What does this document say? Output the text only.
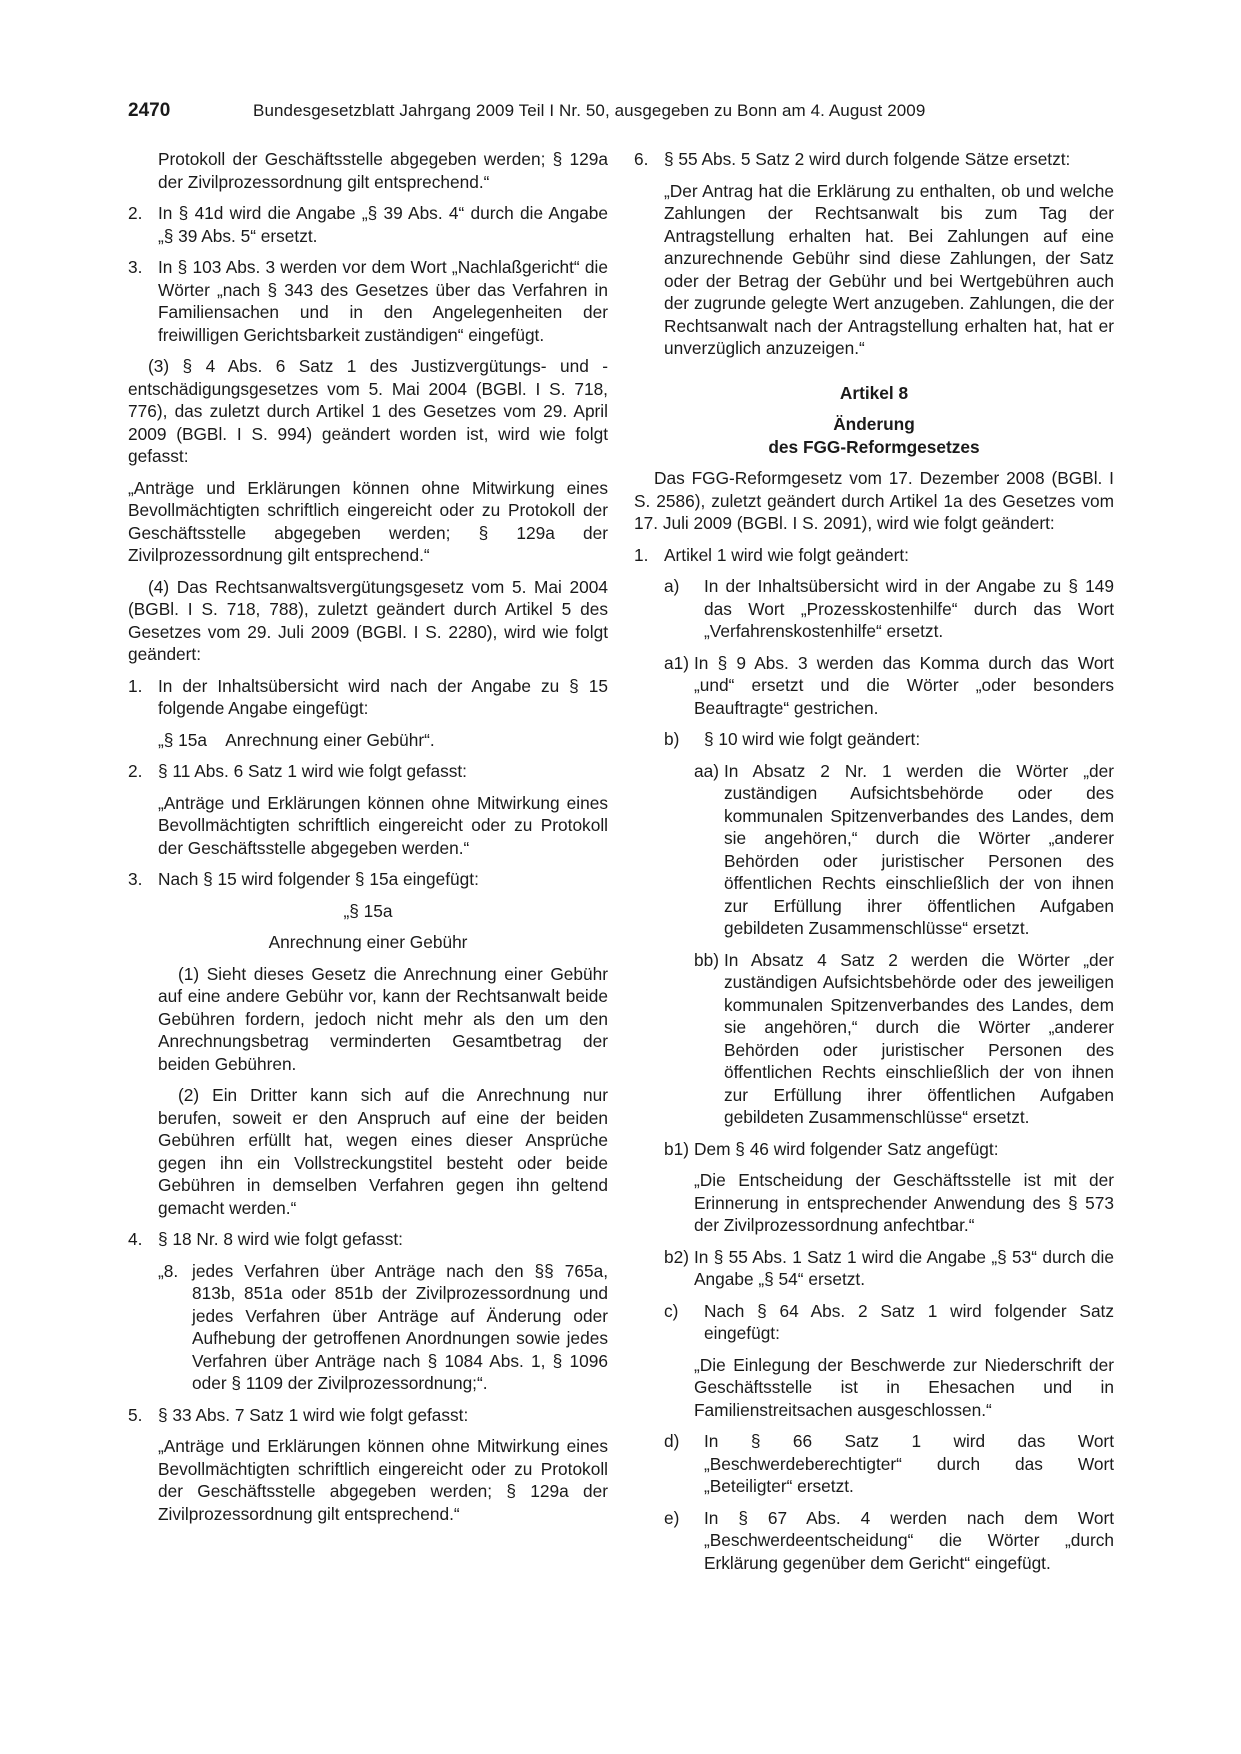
2470	Bundesgesetzblatt Jahrgang 2009 Teil I Nr. 50, ausgegeben zu Bonn am 4. August 2009

Protokoll der Geschäftsstelle abgegeben werden; § 129a der Zivilprozessordnung gilt entsprechend.“

2. In § 41d wird die Angabe „§ 39 Abs. 4“ durch die Angabe „§ 39 Abs. 5“ ersetzt.
3. In § 103 Abs. 3 werden vor dem Wort „Nachlaßgericht“ die Wörter „nach § 343 des Gesetzes über das Verfahren in Familiensachen und in den Angelegenheiten der freiwilligen Gerichtsbarkeit zuständigen“ eingefügt.

(3) § 4 Abs. 6 Satz 1 des Justizvergütungs- und -entschädigungsgesetzes vom 5. Mai 2004 (BGBl. I S. 718, 776), das zuletzt durch Artikel 1 des Gesetzes vom 29. April 2009 (BGBl. I S. 994) geändert worden ist, wird wie folgt gefasst:

„Anträge und Erklärungen können ohne Mitwirkung eines Bevollmächtigten schriftlich eingereicht oder zu Protokoll der Geschäftsstelle abgegeben werden; § 129a der Zivilprozessordnung gilt entsprechend.“

(4) Das Rechtsanwaltsvergütungsgesetz vom 5. Mai 2004 (BGBl. I S. 718, 788), zuletzt geändert durch Artikel 5 des Gesetzes vom 29. Juli 2009 (BGBl. I S. 2280), wird wie folgt geändert:

1. In der Inhaltsübersicht wird nach der Angabe zu § 15 folgende Angabe eingefügt:

„§ 15a    Anrechnung einer Gebühr“.

2. § 11 Abs. 6 Satz 1 wird wie folgt gefasst:

„Anträge und Erklärungen können ohne Mitwirkung eines Bevollmächtigten schriftlich eingereicht oder zu Protokoll der Geschäftsstelle abgegeben werden.“

3. Nach § 15 wird folgender § 15a eingefügt:

„§ 15a

Anrechnung einer Gebühr

(1) Sieht dieses Gesetz die Anrechnung einer Gebühr auf eine andere Gebühr vor, kann der Rechtsanwalt beide Gebühren fordern, jedoch nicht mehr als den um den Anrechnungsbetrag verminderten Gesamtbetrag der beiden Gebühren.

(2) Ein Dritter kann sich auf die Anrechnung nur berufen, soweit er den Anspruch auf eine der beiden Gebühren erfüllt hat, wegen eines dieser Ansprüche gegen ihn ein Vollstreckungstitel besteht oder beide Gebühren in demselben Verfahren gegen ihn geltend gemacht werden.“

4. § 18 Nr. 8 wird wie folgt gefasst:
„8. jedes Verfahren über Anträge nach den §§ 765a, 813b, 851a oder 851b der Zivilprozessordnung und jedes Verfahren über Anträge auf Änderung oder Aufhebung der getroffenen Anordnungen sowie jedes Verfahren über Anträge nach § 1084 Abs. 1, § 1096 oder § 1109 der Zivilprozessordnung;“.
5. § 33 Abs. 7 Satz 1 wird wie folgt gefasst:

„Anträge und Erklärungen können ohne Mitwirkung eines Bevollmächtigten schriftlich eingereicht oder zu Protokoll der Geschäftsstelle abgegeben werden; § 129a der Zivilprozessordnung gilt entsprechend.“

6. § 55 Abs. 5 Satz 2 wird durch folgende Sätze ersetzt:

„Der Antrag hat die Erklärung zu enthalten, ob und welche Zahlungen der Rechtsanwalt bis zum Tag der Antragstellung erhalten hat. Bei Zahlungen auf eine anzurechnende Gebühr sind diese Zahlungen, der Satz oder der Betrag der Gebühr und bei Wertgebühren auch der zugrunde gelegte Wert anzugeben. Zahlungen, die der Rechtsanwalt nach der Antragstellung erhalten hat, hat er unverzüglich anzuzeigen.“

Artikel 8

Änderung

des FGG-Reformgesetzes

Das FGG-Reformgesetz vom 17. Dezember 2008 (BGBl. I S. 2586), zuletzt geändert durch Artikel 1a des Gesetzes vom 17. Juli 2009 (BGBl. I S. 2091), wird wie folgt geändert:

1. Artikel 1 wird wie folgt geändert:
a)	In der Inhaltsübersicht wird in der Angabe zu § 149 das Wort „Prozesskostenhilfe“ durch das Wort „Verfahrenskostenhilfe“ ersetzt.
a1) In § 9 Abs. 3 werden das Komma durch das Wort „und“ ersetzt und die Wörter „oder besonders Beauftragte“ gestrichen.
b)	§ 10 wird wie folgt geändert:
aa) In Absatz 2 Nr. 1 werden die Wörter „der zuständigen Aufsichtsbehörde oder des kommunalen Spitzenverbandes des Landes, dem sie angehören,“ durch die Wörter „anderer Behörden oder juristischer Personen des öffentlichen Rechts einschließlich der von ihnen zur Erfüllung ihrer öffentlichen Aufgaben gebildeten Zusammenschlüsse“ ersetzt.
bb) In Absatz 4 Satz 2 werden die Wörter „der zuständigen Aufsichtsbehörde oder des jeweiligen kommunalen Spitzenverbandes des Landes, dem sie angehören,“ durch die Wörter „anderer Behörden oder juristischer Personen des öffentlichen Rechts einschließlich der von ihnen zur Erfüllung ihrer öffentlichen Aufgaben gebildeten Zusammenschlüsse“ ersetzt.
b1) Dem § 46 wird folgender Satz angefügt:

„Die Entscheidung der Geschäftsstelle ist mit der Erinnerung in entsprechender Anwendung des § 573 der Zivilprozessordnung anfechtbar.“

b2) In § 55 Abs. 1 Satz 1 wird die Angabe „§ 53“ durch die Angabe „§ 54“ ersetzt.
c)	Nach § 64 Abs. 2 Satz 1 wird folgender Satz eingefügt:

„Die Einlegung der Beschwerde zur Niederschrift der Geschäftsstelle ist in Ehesachen und in Familienstreitsachen ausgeschlossen.“

d)	In § 66 Satz 1 wird das Wort „Beschwerdeberechtigter“ durch das Wort „Beteiligter“ ersetzt.
e)	In § 67 Abs. 4 werden nach dem Wort „Beschwerdeentscheidung“ die Wörter „durch Erklärung gegenüber dem Gericht“ eingefügt.
